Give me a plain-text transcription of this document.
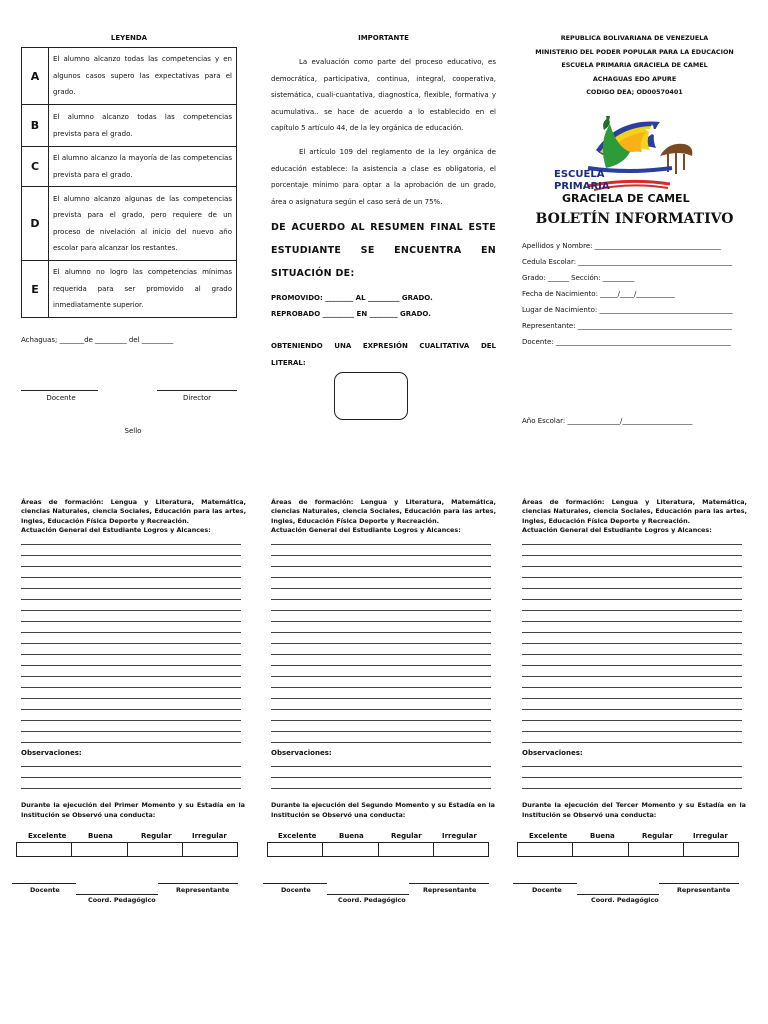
LEYENDA
A	El alumno alcanzo todas las competencias y en algunos casos supero las expectativas para el grado.
B	El alumno alcanzo todas las competencias prevista para el grado.
C	El alumno alcanzo la mayoría de las competencias prevista para el grado.
D	El alumno alcanzo algunas de las competencias prevista para el grado, pero requiere de un proceso de nivelación al inicio del nuevo año escolar para alcanzar los restantes.
E	El alumno no logro las competencias mínimas requerida para ser promovido al grado inmediatamente superior.
Achaguas; _______de _________ del _________
Docente	Director
Sello
IMPORTANTE
La evaluación como parte del proceso educativo, es democrática, participativa, continua, integral, cooperativa, sistemática, cuali-cuantativa, diagnostica, flexible, formativa y acumulativa.. se hace de acuerdo a lo establecido en el capítulo 5 artículo 44, de la ley orgánica de educación.
El artículo 109 del reglamento de la ley orgánica de educación establece: la asistencia a clase es obligatoria, el porcentaje mínimo para optar a la aprobación de un grado, área o asignatura según el caso será de un 75%.
DE ACUERDO AL RESUMEN FINAL ESTE ESTUDIANTE SE ENCUENTRA EN SITUACIÓN DE:
PROMOVIDO: ________ AL _________ GRADO.
REPROBADO _________ EN ________ GRADO.
OBTENIENDO UNA EXPRESIÓN CUALITATIVA DEL LITERAL:
REPUBLICA BOLIVARIANA DE VENEZUELA
MINISTERIO DEL PODER POPULAR PARA LA EDUCACION
ESCUELA PRIMARIA GRACIELA DE CAMEL
ACHAGUAS EDO APURE
CODIGO DEA; OD00570401
ESCUELA
PRIMARIA
GRACIELA DE CAMEL
BOLETÍN INFORMATIVO
Apellidos y Nombre: ____________________________________
Cedula Escolar: ____________________________________________
Grado: ______ Sección: _________
Fecha de Nacimiento: _____/____/___________
Lugar de Nacimiento: ______________________________________
Representante: ____________________________________________
Docente: __________________________________________________
Año Escolar: _______________/____________________
Áreas de formación: Lengua y Literatura, Matemática, ciencias Naturales, ciencia Sociales, Educación para las artes, Ingles, Educación Física Deporte y Recreación.
Actuación General del Estudiante Logros y Alcances:
Observaciones:
Durante la ejecución del Primer Momento y su Estadía en la Institución se Observó una conducta:
Excelente	Buena	Regular	Irregular

Docente
Coord. Pedagógico
Representante
Áreas de formación: Lengua y Literatura, Matemática, ciencias Naturales, ciencia Sociales, Educación para las artes, Ingles, Educación Física Deporte y Recreación.
Actuación General del Estudiante Logros y Alcances:
Observaciones:
Durante la ejecución del Segundo Momento y su Estadía en la Institución se Observó una conducta:
Excelente	Buena	Regular	Irregular

Docente
Coord. Pedagógico
Representante
Áreas de formación: Lengua y Literatura, Matemática, ciencias Naturales, ciencia Sociales, Educación para las artes, Ingles, Educación Física Deporte y Recreación.
Actuación General del Estudiante Logros y Alcances:
Observaciones:
Durante la ejecución del Tercer Momento y su Estadía en la Institución se Observó una conducta:
Excelente	Buena	Regular	Irregular

Docente
Coord. Pedagógico
Representante
